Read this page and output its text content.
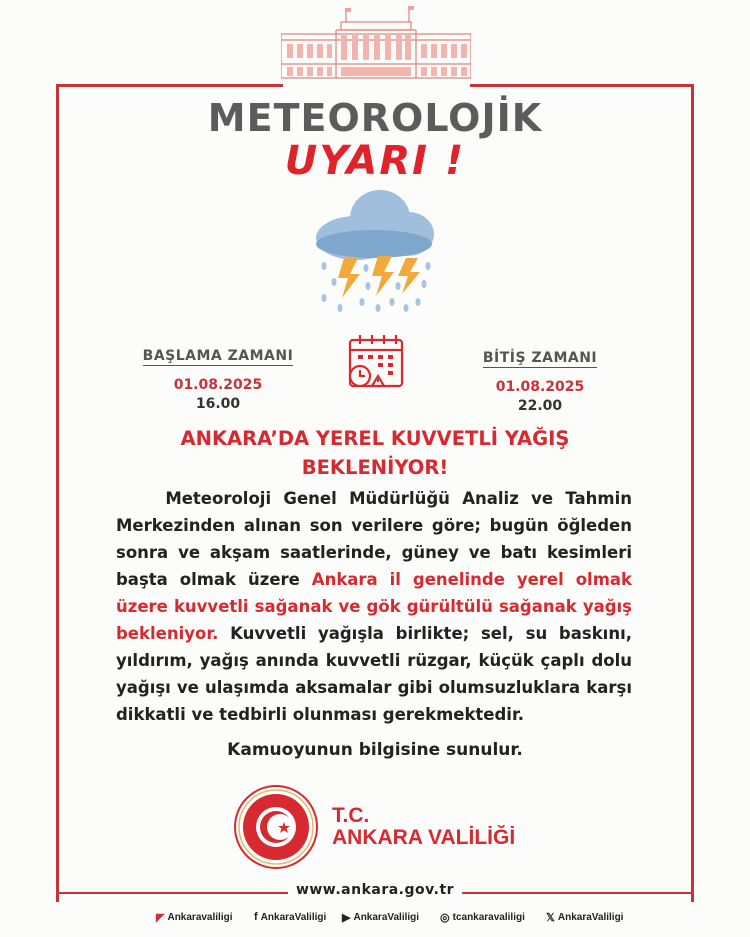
METEOROLOJİK
UYARI !
BAŞLAMA ZAMANI
01.08.2025
16.00
BİTİŞ ZAMANI
01.08.2025
22.00
ANKARA’DA YEREL KUVVETLİ YAĞIŞ
BEKLENİYOR!
Meteoroloji Genel Müdürlüğü Analiz ve Tahmin Merkezinden alınan son verilere göre; bugün öğleden sonra ve akşam saatlerinde, güney ve batı kesimleri başta olmak üzere Ankara il genelinde yerel olmak üzere kuvvetli sağanak ve gök gürültülü sağanak yağış bekleniyor. Kuvvetli yağışla birlikte; sel, su baskını, yıldırım, yağış anında kuvvetli rüzgar, küçük çaplı dolu yağışı ve ulaşımda aksamalar gibi olumsuzluklara karşı dikkatli ve tedbirli olunması gerekmektedir.
Kamuoyunun bilgisine sunulur.
T.C.
ANKARA VALİLİĞİ
www.ankara.gov.tr
◤ Ankaravaliligi f AnkaraValiligi ▶ AnkaraValiligi ◎ tcankaravaliligi 𝕏 AnkaraValiligi
